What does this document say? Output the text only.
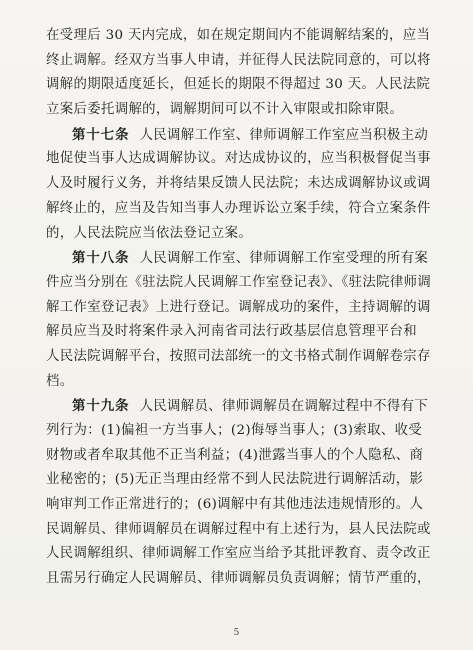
在受理后 30 天内完成，如在规定期间内不能调解结案的，应当
终止调解。经双方当事人申请，并征得人民法院同意的，可以将
调解的期限适度延长，但延长的期限不得超过 30 天。人民法院
立案后委托调解的，调解期间可以不计入审限或扣除审限。
第十七条 人民调解工作室、律师调解工作室应当积极主动
地促使当事人达成调解协议。对达成协议的，应当积极督促当事
人及时履行义务，并将结果反馈人民法院；未达成调解协议或调
解终止的，应当及告知当事人办理诉讼立案手续，符合立案条件
的，人民法院应当依法登记立案。
第十八条 人民调解工作室、律师调解工作室受理的所有案
件应当分别在《驻法院人民调解工作室登记表》、《驻法院律师调
解工作室登记表》上进行登记。调解成功的案件，主持调解的调
解员应当及时将案件录入河南省司法行政基层信息管理平台和
人民法院调解平台，按照司法部统一的文书格式制作调解卷宗存
档。
第十九条 人民调解员、律师调解员在调解过程中不得有下
列行为：(1)偏袒一方当事人；(2)侮辱当事人；(3)索取、收受
财物或者牟取其他不正当利益；(4)泄露当事人的个人隐私、商
业秘密的；(5)无正当理由经常不到人民法院进行调解活动，影
响审判工作正常进行的；(6)调解中有其他违法违规情形的。人
民调解员、律师调解员在调解过程中有上述行为，县人民法院或
人民调解组织、律师调解工作室应当给予其批评教育、责令改正
且需另行确定人民调解员、律师调解员负责调解；情节严重的，
5
